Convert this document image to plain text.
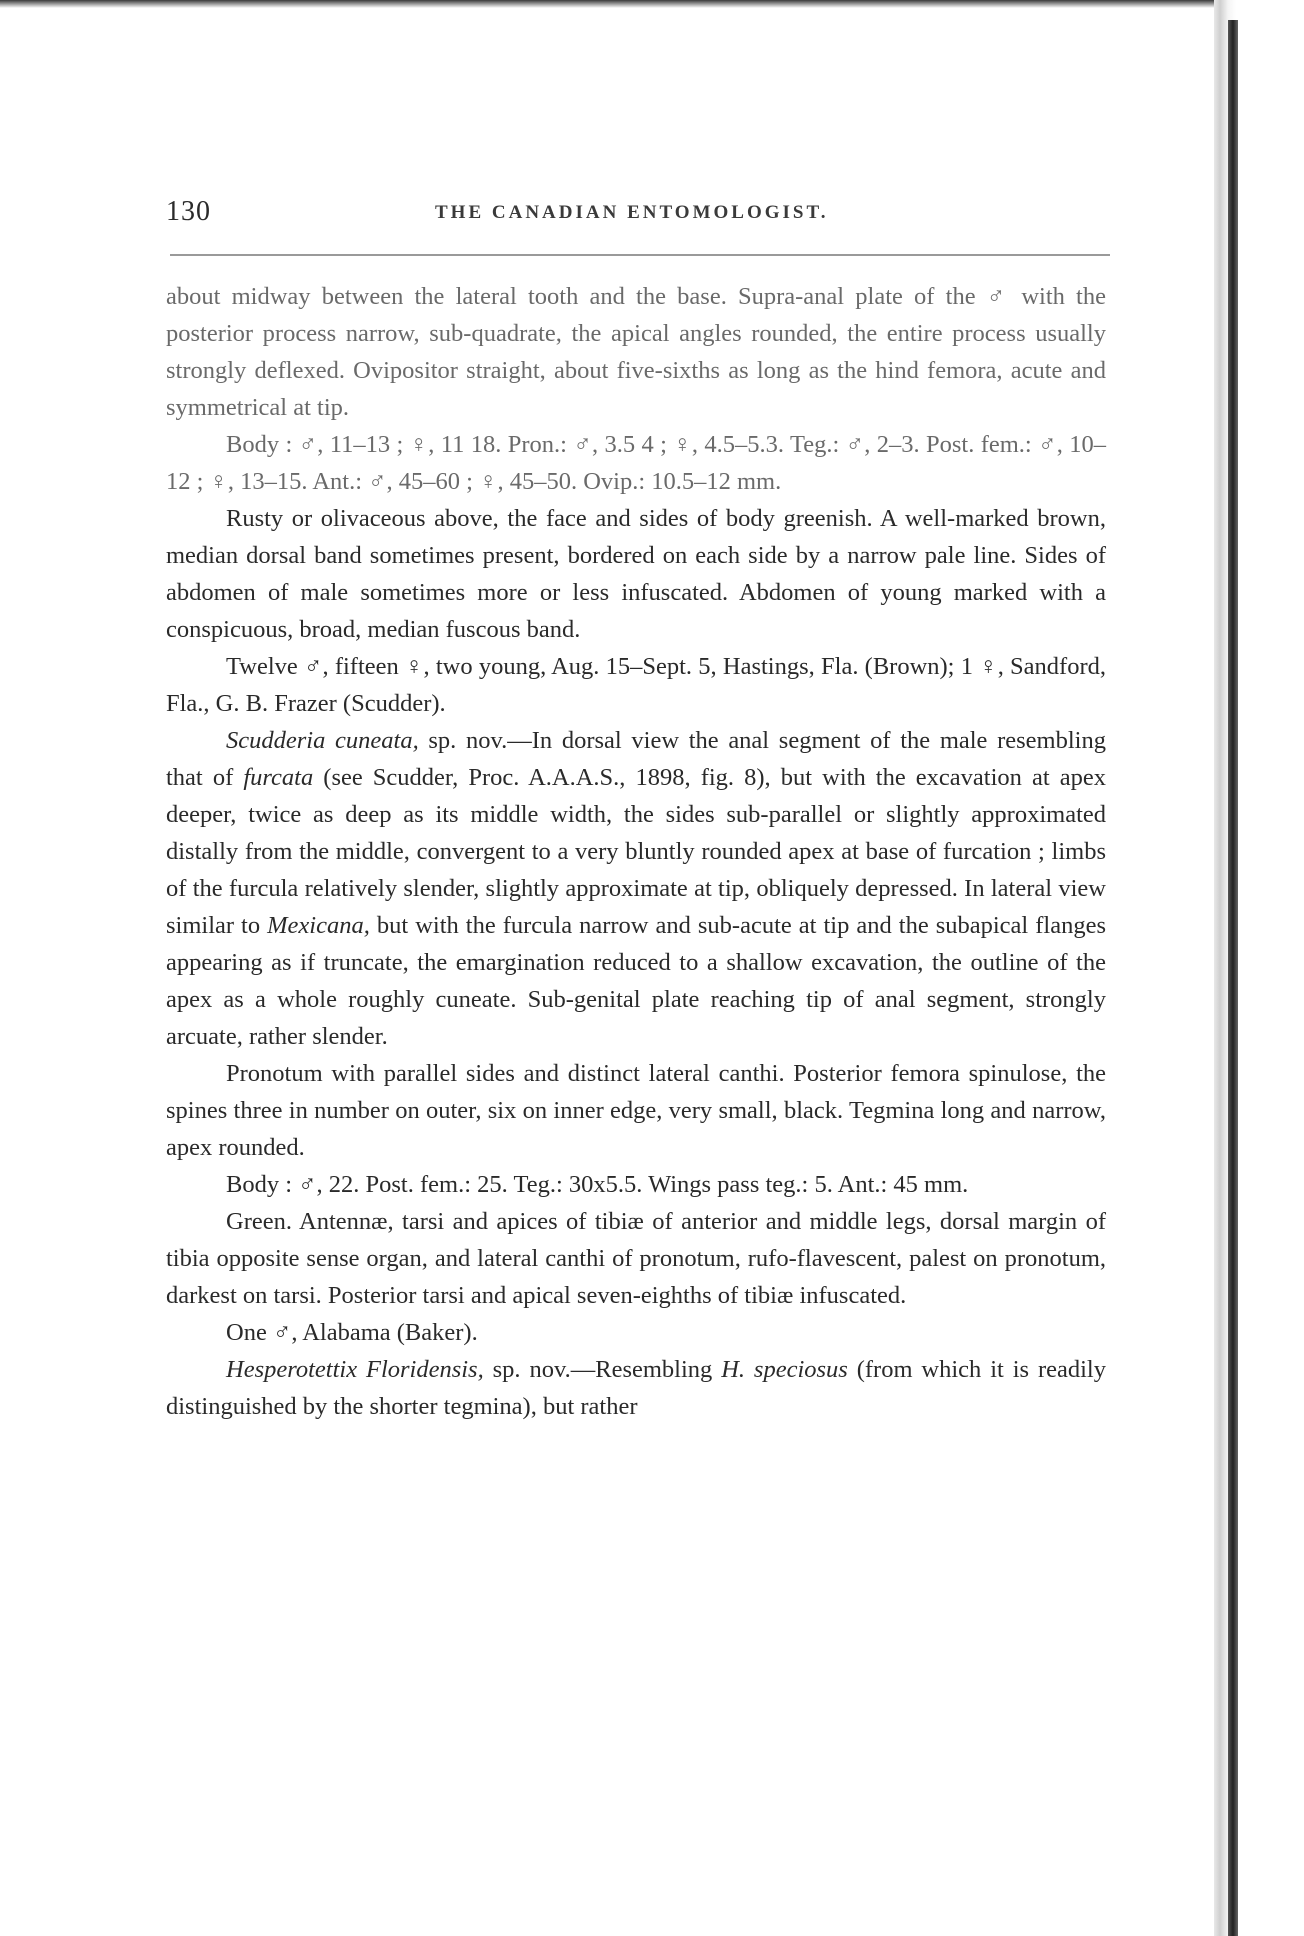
130	THE CANADIAN ENTOMOLOGIST.

about midway between the lateral tooth and the base. Supra-anal plate of the ♂ with the posterior process narrow, sub-quadrate, the apical angles rounded, the entire process usually strongly deflexed. Ovipositor straight, about five-sixths as long as the hind femora, acute and symmetrical at tip.

Body : ♂, 11–13 ; ♀, 11 18. Pron.: ♂, 3.5 4 ; ♀, 4.5–5.3. Teg.: ♂, 2–3. Post. fem.: ♂, 10–12 ; ♀, 13–15. Ant.: ♂, 45–60 ; ♀, 45–50. Ovip.: 10.5–12 mm.

Rusty or olivaceous above, the face and sides of body greenish. A well-marked brown, median dorsal band sometimes present, bordered on each side by a narrow pale line. Sides of abdomen of male sometimes more or less infuscated. Abdomen of young marked with a conspicuous, broad, median fuscous band.

Twelve ♂, fifteen ♀, two young, Aug. 15–Sept. 5, Hastings, Fla. (Brown); 1 ♀, Sandford, Fla., G. B. Frazer (Scudder).

Scudderia cuneata, sp. nov.—In dorsal view the anal segment of the male resembling that of furcata (see Scudder, Proc. A.A.A.S., 1898, fig. 8), but with the excavation at apex deeper, twice as deep as its middle width, the sides sub-parallel or slightly approximated distally from the middle, convergent to a very bluntly rounded apex at base of furcation ; limbs of the furcula relatively slender, slightly approximate at tip, obliquely depressed. In lateral view similar to Mexicana, but with the furcula narrow and sub-acute at tip and the subapical flanges appearing as if truncate, the emargination reduced to a shallow excavation, the outline of the apex as a whole roughly cuneate. Sub-genital plate reaching tip of anal segment, strongly arcuate, rather slender.

Pronotum with parallel sides and distinct lateral canthi. Posterior femora spinulose, the spines three in number on outer, six on inner edge, very small, black. Tegmina long and narrow, apex rounded.

Body : ♂, 22. Post. fem.: 25. Teg.: 30x5.5. Wings pass teg.: 5. Ant.: 45 mm.

Green. Antennæ, tarsi and apices of tibiæ of anterior and middle legs, dorsal margin of tibia opposite sense organ, and lateral canthi of pronotum, rufo-flavescent, palest on pronotum, darkest on tarsi. Posterior tarsi and apical seven-eighths of tibiæ infuscated.

One ♂, Alabama (Baker).

Hesperotettix Floridensis, sp. nov.—Resembling H. speciosus (from which it is readily distinguished by the shorter tegmina), but rather
